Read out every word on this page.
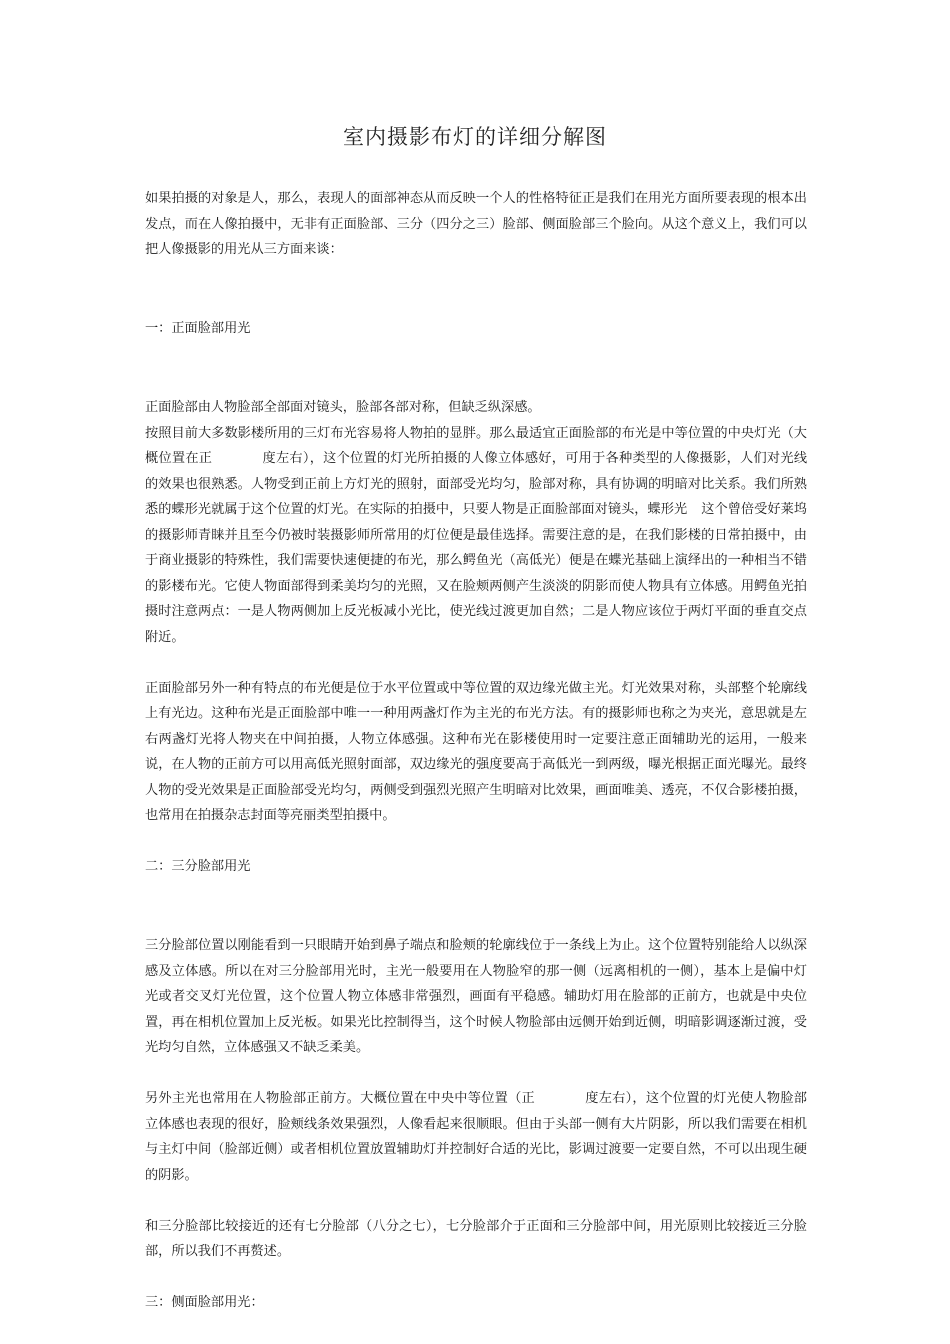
室内摄影布灯的详细分解图

如果拍摄的对象是人，那么，表现人的面部神态从而反映一个人的性格特征正是我们在用光方面所要表现的根本出发点，而在人像拍摄中，无非有正面脸部、三分（四分之三）脸部、侧面脸部三个脸向。从这个意义上，我们可以把人像摄影的用光从三方面来谈：

一：正面脸部用光

正面脸部由人物脸部全部面对镜头，脸部各部对称，但缺乏纵深感。

按照目前大多数影楼所用的三灯布光容易将人物拍的显胖。那么最适宜正面脸部的布光是中等位置的中央灯光（大概位置在正	度左右），这个位置的灯光所拍摄的人像立体感好，可用于各种类型的人像摄影，人们对光线的效果也很熟悉。人物受到正前上方灯光的照射，面部受光均匀，脸部对称，具有协调的明暗对比关系。我们所熟悉的蝶形光就属于这个位置的灯光。在实际的拍摄中，只要人物是正面脸部面对镜头，蝶形光 这个曾倍受好莱坞的摄影师青睐并且至今仍被时装摄影师所常用的灯位便是最佳选择。需要注意的是，在我们影楼的日常拍摄中，由于商业摄影的特殊性，我们需要快速便捷的布光，那么鳄鱼光（高低光）便是在蝶光基础上演绎出的一种相当不错的影楼布光。它使人物面部得到柔美均匀的光照，又在脸颊两侧产生淡淡的阴影而使人物具有立体感。用鳄鱼光拍摄时注意两点：一是人物两侧加上反光板减小光比，使光线过渡更加自然；二是人物应该位于两灯平面的垂直交点附近。

正面脸部另外一种有特点的布光便是位于水平位置或中等位置的双边缘光做主光。灯光效果对称，头部整个轮廓线上有光边。这种布光是正面脸部中唯一一种用两盏灯作为主光的布光方法。有的摄影师也称之为夹光，意思就是左右两盏灯光将人物夹在中间拍摄，人物立体感强。这种布光在影楼使用时一定要注意正面辅助光的运用，一般来说，在人物的正前方可以用高低光照射面部，双边缘光的强度要高于高低光一到两级，曝光根据正面光曝光。最终人物的受光效果是正面脸部受光均匀，两侧受到强烈光照产生明暗对比效果，画面唯美、透亮，不仅合影楼拍摄，也常用在拍摄杂志封面等亮丽类型拍摄中。

二：三分脸部用光

三分脸部位置以刚能看到一只眼睛开始到鼻子端点和脸颊的轮廓线位于一条线上为止。这个位置特别能给人以纵深感及立体感。所以在对三分脸部用光时，主光一般要用在人物脸窄的那一侧（远离相机的一侧），基本上是偏中灯光或者交叉灯光位置，这个位置人物立体感非常强烈，画面有平稳感。辅助灯用在脸部的正前方，也就是中央位置，再在相机位置加上反光板。如果光比控制得当，这个时候人物脸部由远侧开始到近侧，明暗影调逐渐过渡，受光均匀自然，立体感强又不缺乏柔美。

另外主光也常用在人物脸部正前方。大概位置在中央中等位置（正	度左右），这个位置的灯光使人物脸部立体感也表现的很好，脸颊线条效果强烈，人像看起来很顺眼。但由于头部一侧有大片阴影，所以我们需要在相机与主灯中间（脸部近侧）或者相机位置放置辅助灯并控制好合适的光比，影调过渡要一定要自然，不可以出现生硬的阴影。

和三分脸部比较接近的还有七分脸部（八分之七），七分脸部介于正面和三分脸部中间，用光原则比较接近三分脸部，所以我们不再赘述。

三：侧面脸部用光：
